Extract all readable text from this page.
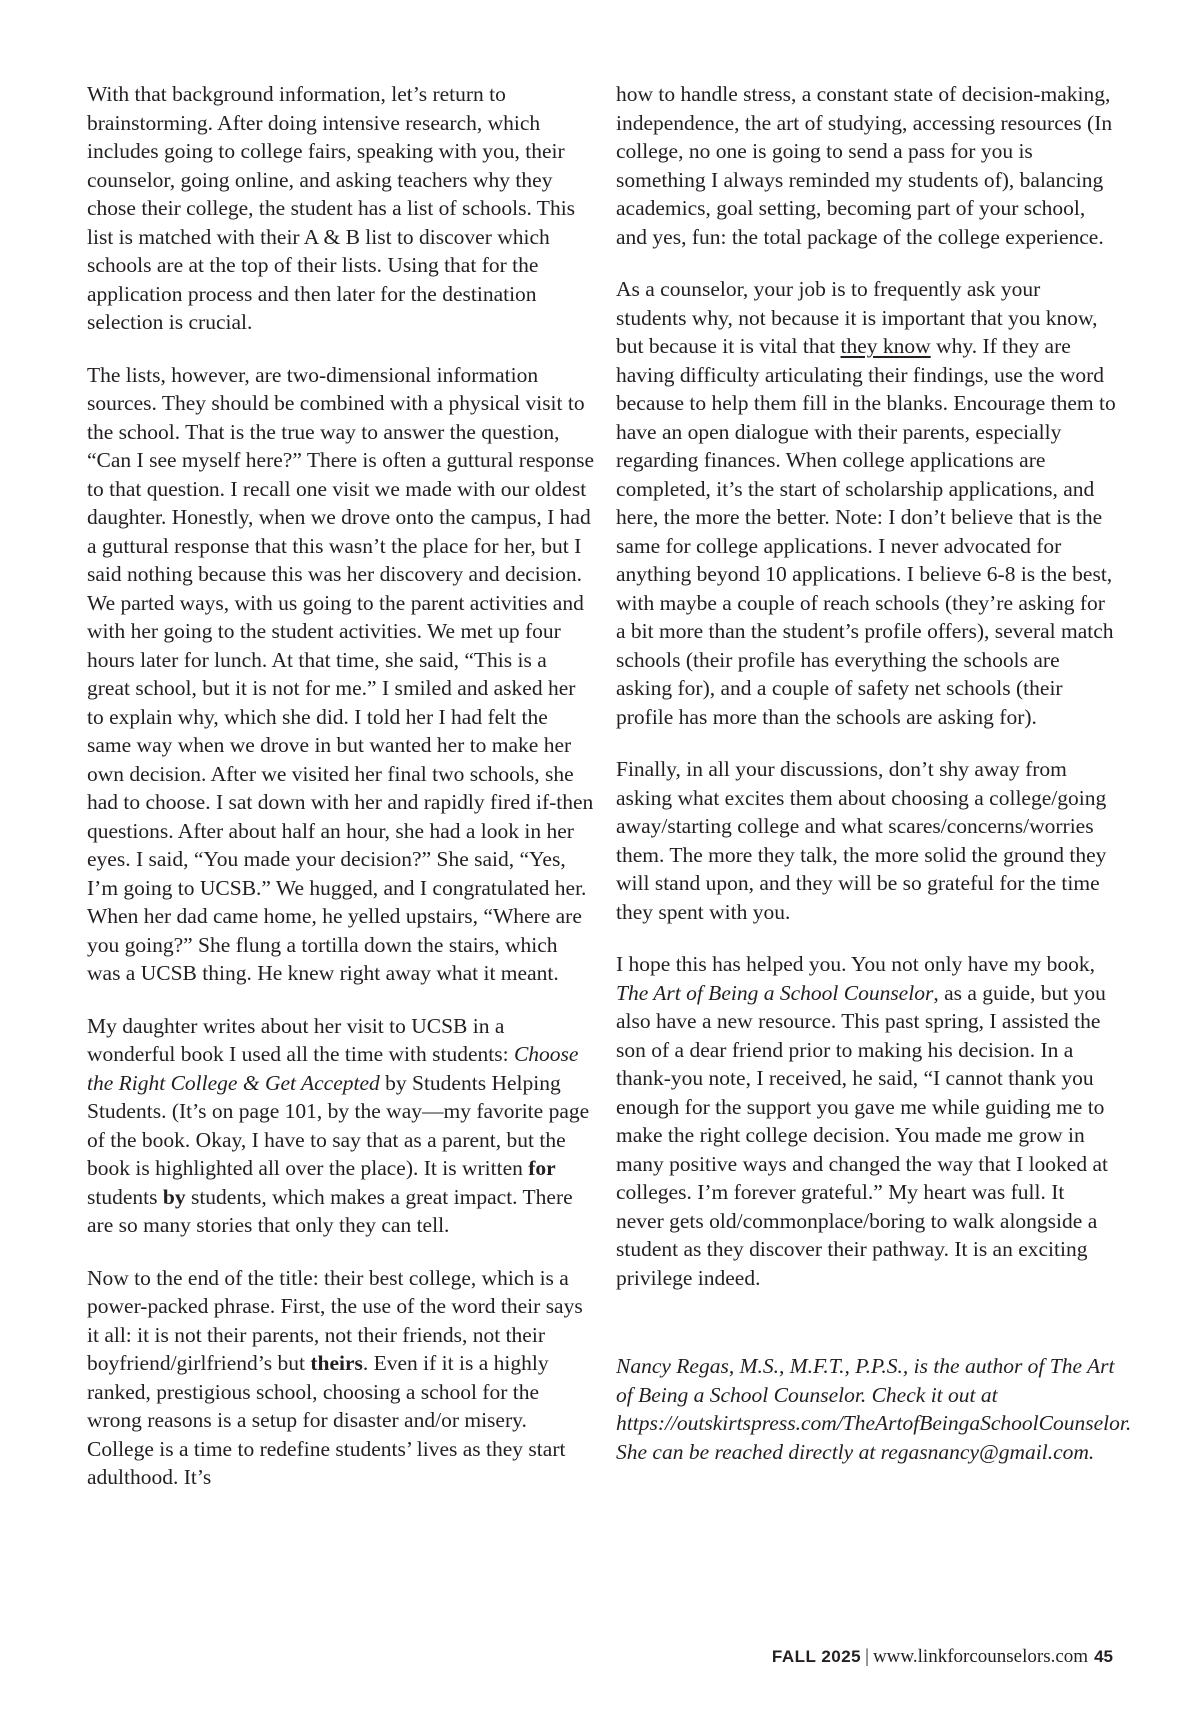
With that background information, let’s return to brainstorming. After doing intensive research, which includes going to college fairs, speaking with you, their counselor, going online, and asking teachers why they chose their college, the student has a list of schools. This list is matched with their A & B list to discover which schools are at the top of their lists. Using that for the application process and then later for the destination selection is crucial.

The lists, however, are two-dimensional information sources. They should be combined with a physical visit to the school. That is the true way to answer the question, “Can I see myself here?” There is often a guttural response to that question. I recall one visit we made with our oldest daughter. Honestly, when we drove onto the campus, I had a guttural response that this wasn’t the place for her, but I said nothing because this was her discovery and decision. We parted ways, with us going to the parent activities and with her going to the student activities. We met up four hours later for lunch. At that time, she said, “This is a great school, but it is not for me.” I smiled and asked her to explain why, which she did. I told her I had felt the same way when we drove in but wanted her to make her own decision. After we visited her final two schools, she had to choose. I sat down with her and rapidly fired if-then questions. After about half an hour, she had a look in her eyes. I said, “You made your decision?” She said, “Yes, I’m going to UCSB.” We hugged, and I congratulated her. When her dad came home, he yelled upstairs, “Where are you going?” She flung a tortilla down the stairs, which was a UCSB thing. He knew right away what it meant.

My daughter writes about her visit to UCSB in a wonderful book I used all the time with students: Choose the Right College & Get Accepted by Students Helping Students. (It’s on page 101, by the way—my favorite page of the book. Okay, I have to say that as a parent, but the book is highlighted all over the place). It is written for students by students, which makes a great impact. There are so many stories that only they can tell.

Now to the end of the title: their best college, which is a power-packed phrase. First, the use of the word their says it all: it is not their parents, not their friends, not their boyfriend/girlfriend’s but theirs. Even if it is a highly ranked, prestigious school, choosing a school for the wrong reasons is a setup for disaster and/or misery. College is a time to redefine students’ lives as they start adulthood. It’s

how to handle stress, a constant state of decision-making, independence, the art of studying, accessing resources (In college, no one is going to send a pass for you is something I always reminded my students of), balancing academics, goal setting, becoming part of your school, and yes, fun: the total package of the college experience.

As a counselor, your job is to frequently ask your students why, not because it is important that you know, but because it is vital that they know why. If they are having difficulty articulating their findings, use the word because to help them fill in the blanks. Encourage them to have an open dialogue with their parents, especially regarding finances. When college applications are completed, it’s the start of scholarship applications, and here, the more the better. Note: I don’t believe that is the same for college applications. I never advocated for anything beyond 10 applications. I believe 6-8 is the best, with maybe a couple of reach schools (they’re asking for a bit more than the student’s profile offers), several match schools (their profile has everything the schools are asking for), and a couple of safety net schools (their profile has more than the schools are asking for).

Finally, in all your discussions, don’t shy away from asking what excites them about choosing a college/going away/starting college and what scares/concerns/worries them. The more they talk, the more solid the ground they will stand upon, and they will be so grateful for the time they spent with you.

I hope this has helped you. You not only have my book, The Art of Being a School Counselor, as a guide, but you also have a new resource. This past spring, I assisted the son of a dear friend prior to making his decision. In a thank-you note, I received, he said, “I cannot thank you enough for the support you gave me while guiding me to make the right college decision. You made me grow in many positive ways and changed the way that I looked at colleges. I’m forever grateful.” My heart was full. It never gets old/commonplace/boring to walk alongside a student as they discover their pathway. It is an exciting privilege indeed.

Nancy Regas, M.S., M.F.T., P.P.S., is the author of The Art of Being a School Counselor. Check it out at https://outskirtspress.com/TheArtofBeingaSchoolCounselor. She can be reached directly at regasnancy@gmail.com.

FALL 2025 | www.linkforcounselors.com 45
